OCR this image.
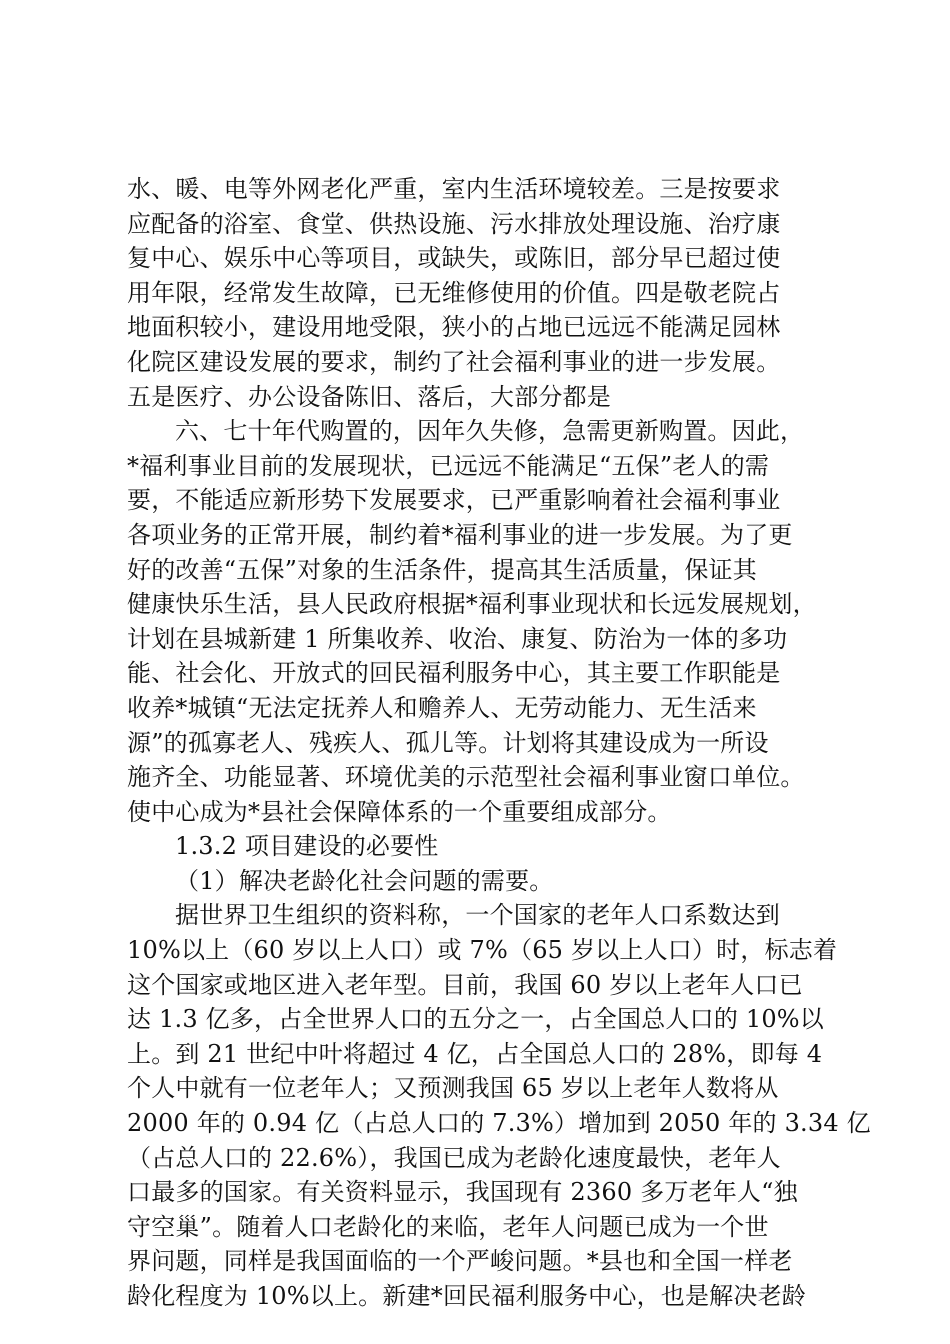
水、暖、电等外网老化严重，室内生活环境较差。三是按要求
应配备的浴室、食堂、供热设施、污水排放处理设施、治疗康
复中心、娱乐中心等项目，或缺失，或陈旧，部分早已超过使
用年限，经常发生故障，已无维修使用的价值。四是敬老院占
地面积较小，建设用地受限，狭小的占地已远远不能满足园林
化院区建设发展的要求，制约了社会福利事业的进一步发展。
五是医疗、办公设备陈旧、落后，大部分都是
六、七十年代购置的，因年久失修，急需更新购置。因此，
*福利事业目前的发展现状，已远远不能满足“五保”老人的需
要，不能适应新形势下发展要求，已严重影响着社会福利事业
各项业务的正常开展，制约着*福利事业的进一步发展。为了更
好的改善“五保”对象的生活条件，提高其生活质量，保证其
健康快乐生活，县人民政府根据*福利事业现状和长远发展规划，
计划在县城新建 1 所集收养、收治、康复、防治为一体的多功
能、社会化、开放式的回民福利服务中心，其主要工作职能是
收养*城镇“无法定抚养人和赡养人、无劳动能力、无生活来
源”的孤寡老人、残疾人、孤儿等。计划将其建设成为一所设
施齐全、功能显著、环境优美的示范型社会福利事业窗口单位。
使中心成为*县社会保障体系的一个重要组成部分。
1.3.2 项目建设的必要性
（1）解决老龄化社会问题的需要。
据世界卫生组织的资料称，一个国家的老年人口系数达到
10%以上（60 岁以上人口）或 7%（65 岁以上人口）时，标志着
这个国家或地区进入老年型。目前，我国 60 岁以上老年人口已
达 1.3 亿多，占全世界人口的五分之一，占全国总人口的 10%以
上。到 21 世纪中叶将超过 4 亿，占全国总人口的 28%，即每 4
个人中就有一位老年人；又预测我国 65 岁以上老年人数将从
2000 年的 0.94 亿（占总人口的 7.3%）增加到 2050 年的 3.34 亿
（占总人口的 22.6%），我国已成为老龄化速度最快，老年人
口最多的国家。有关资料显示，我国现有 2360 多万老年人“独
守空巢”。随着人口老龄化的来临，老年人问题已成为一个世
界问题，同样是我国面临的一个严峻问题。*县也和全国一样老
龄化程度为 10%以上。新建*回民福利服务中心，也是解决老龄
